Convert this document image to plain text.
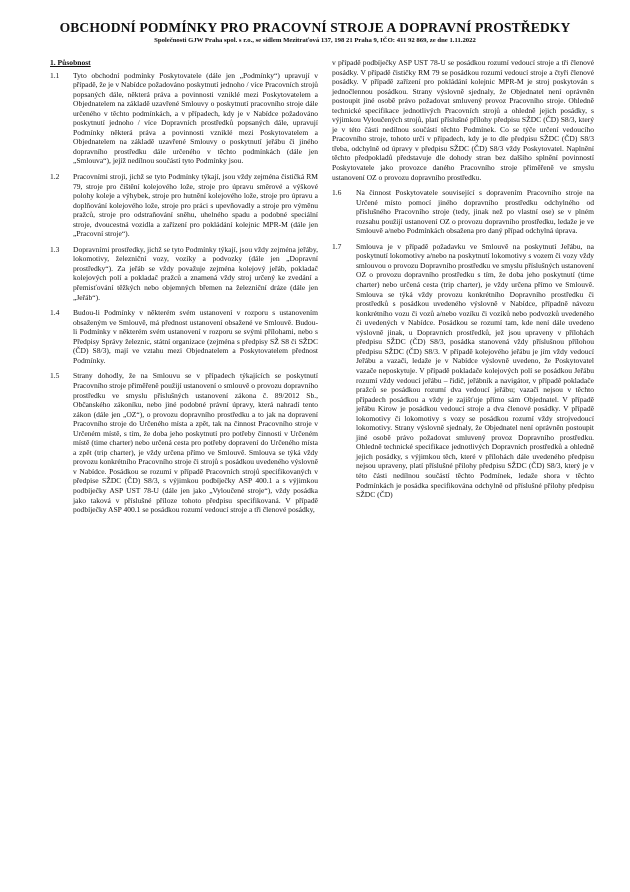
OBCHODNÍ PODMÍNKY PRO PRACOVNÍ STROJE A DOPRAVNÍ PROSTŘEDKY
Společnosti GJW Praha spol. s r.o., se sídlem Mezitraťová 137, 198 21 Praha 9, IČO: 411 92 869, ze dne 1.11.2022
1. Působnost
1.1	Tyto obchodní podmínky Poskytovatele (dále jen „Podmínky“) upravují v případě, že je v Nabídce požadováno poskytnutí jednoho / více Pracovních strojů popsaných dále, některá práva a povinnosti vzniklé mezi Poskytovatelem a Objednatelem na základě uzavřené Smlouvy o poskytnutí pracovního stroje dále určeného v těchto podmínkách, a v případech, kdy je v Nabídce požadováno poskytnutí jednoho / více Dopravních prostředků popsaných dále, upravují Podmínky některá práva a povinnosti vzniklé mezi Poskytovatelem a Objednatelem na základě uzavřené Smlouvy o poskytnutí jeřábu či jiného dopravního prostředku dále určeného v těchto podmínkách (dále jen „Smlouva“), jejíž nedílnou součástí tyto Podmínky jsou.
1.2	Pracovními stroji, jichž se tyto Podmínky týkají, jsou vždy zejména čističká RM 79, stroje pro čištění kolejového lože, stroje pro úpravu směrové a výškové polohy koleje a výhybek, stroje pro hutnění kolejového lože, stroje pro úpravu a doplňování kolejového lože, stroje pro práci s upevňovadly a stroje pro výměnu pražců, stroje pro odstraňování sněhu, uhelného spadu a podobné speciální stroje, dvoucestná vozidla a zařízení pro pokládání kolejnic MPR-M (dále jen „Pracovní stroje“).
1.3	Dopravními prostředky, jichž se tyto Podmínky týkají, jsou vždy zejména jeřáby, lokomotivy, železniční vozy, vozíky a podvozky (dále jen „Dopravní prostředky“). Za jeřáb se vždy považuje zejména kolejový jeřáb, pokladač kolejových polí a pokladač pražců a znamená vždy stroj určený ke zvedání a přemisťování těžkých nebo objemných břemen na železniční dráze (dále jen „Jeřáb“).
1.4	Budou-li Podmínky v některém svém ustanovení v rozporu s ustanovením obsaženým ve Smlouvě, má přednost ustanovení obsažené ve Smlouvě. Budou-li Podmínky v některém svém ustanovení v rozporu se svými přílohami, nebo s Předpisy Správy železnic, státní organizace (zejména s předpisy SŽ S8 či SŽDC (ČD) S8/3), mají ve vztahu mezi Objednatelem a Poskytovatelem přednost Podmínky.
1.5	Strany dohodly, že na Smlouvu se v případech týkajících se poskytnutí Pracovního stroje přiměřeně použijí ustanovení o smlouvě o provozu dopravního prostředku ve smyslu příslušných ustanovení zákona č. 89/2012 Sb., Občanského zákoníku, nebo jiné podobné právní úpravy, která nahradí tento zákon (dále jen „OZ“), o provozu dopravního prostředku a to jak na dopravení Pracovního stroje do Určeného místa a zpět, tak na činnost Pracovního stroje v Určeném místě, s tím, že doba jeho poskytnutí pro potřeby činnosti v Určeném místě (time charter) nebo určená cesta pro potřeby dopravení do Určeného místa a zpět (trip charter), je vždy určena přímo ve Smlouvě. Smlouva se týká vždy provozu konkrétního Pracovního stroje či strojů s posádkou uvedeného výslovně v Nabídce. Posádkou se rozumí v případě Pracovních strojů specifikovaných v předpise SŽDC (ČD) S8/3, s výjimkou podbíječky ASP 400.1 a s výjimkou podbíječky ASP UST 78-U (dále jen jako „Vyloučené stroje“), vždy posádka jako taková v příslušné příloze tohoto předpisu specifikovaná. V případě podbíječky ASP 400.1 se posádkou rozumí vedoucí stroje a tři členové posádky,
v případě podbíječky ASP UST 78-U se posádkou rozumí vedoucí stroje a tři členové posádky. V případě čističky RM 79 se posádkou rozumí vedoucí stroje a čtyři členové posádky. V případě zařízení pro pokládání kolejnic MPR-M je stroj poskytován s jednočlennou posádkou. Strany výslovně sjednaly, že Objednatel není oprávněn postoupit jiné osobě právo požadovat smluvený provoz Pracovního stroje. Ohledně technické specifikace jednotlivých Pracovních strojů a ohledně jejich posádky, s výjimkou Vyloučených strojů, platí příslušné přílohy předpisu SŽDC (ČD) S8/3, který je v této části nedílnou součástí těchto Podmínek. Co se týče určení vedoucího Pracovního stroje, tohoto určí v případech, kdy je to dle předpisu SŽDC (ČD) S8/3 třeba, odchylně od úpravy v předpisu SŽDC (ČD) S8/3 vždy Poskytovatel. Naplnění těchto předpokladů představuje dle dohody stran bez dalšího splnění povinností Poskytovatele jako provozce daného Pracovního stroje přiměřeně ve smyslu ustanovení OZ o provozu dopravního prostředku.
1.6	Na činnost Poskytovatele související s dopravením Pracovního stroje na Určené místo pomocí jiného dopravního prostředku odchylného od příslušného Pracovního stroje (tedy, jinak než po vlastní ose) se v plném rozsahu použijí ustanovení OZ o provozu dopravního prostředku, ledaže je ve Smlouvě a/nebo Podmínkách obsažena pro daný případ odchylná úprava.
1.7	Smlouva je v případě požadavku ve Smlouvě na poskytnutí Jeřábu, na poskytnutí lokomotivy a/nebo na poskytnutí lokomotivy s vozem či vozy vždy smlouvou o provozu Dopravního prostředku ve smyslu příslušných ustanovení OZ o provozu dopravního prostředku s tím, že doba jeho poskytnutí (time charter) nebo určená cesta (trip charter), je vždy určena přímo ve Smlouvě. Smlouva se týká vždy provozu konkrétního Dopravního prostředku či prostředků s posádkou uvedeného výslovně v Nabídce, případně návozu konkrétního vozu či vozů a/nebo vozíku či vozíků nebo podvozků uvedeného či uvedených v Nabídce. Posádkou se rozumí tam, kde není dále uvedeno výslovně jinak, u Dopravních prostředků, jež jsou upraveny v přílohách předpisu SŽDC (ČD) S8/3, posádka stanovená vždy příslušnou přílohou předpisu SŽDC (ČD) S8/3. V případě kolejového jeřábu je jím vždy vedoucí Jeřábu a vazači, ledaže je v Nabídce výslovně uvedeno, že Poskytovatel vazače neposkytuje. V případě pokladače kolejových polí se posádkou Jeřábu rozumí vždy vedoucí jeřábu – řidič, jeřábník a navigátor, v případě pokladače pražců se posádkou rozumí dva vedoucí jeřábu; vazači nejsou v těchto případech posádkou a vždy je zajišťuje přímo sám Objednatel. V případě jeřábu Kirow je posádkou vedoucí stroje a dva členové posádky. V případě lokomotivy či lokomotivy s vozy se posádkou rozumí vždy strojvedoucí lokomotivy. Strany výslovně sjednaly, že Objednatel není oprávněn postoupit jiné osobě právo požadovat smluvený provoz Dopravního prostředku. Ohledně technické specifikace jednotlivých Dopravních prostředků a ohledně jejich posádky, s výjimkou těch, které v přílohách dále uvedeného předpisu nejsou upraveny, platí příslušné přílohy předpisu SŽDC (ČD) S8/3, který je v této části nedílnou součástí těchto Podmínek, ledaže shora v těchto Podmínkách je posádka specifikována odchylně od příslušné přílohy předpisu SŽDC (ČD)
